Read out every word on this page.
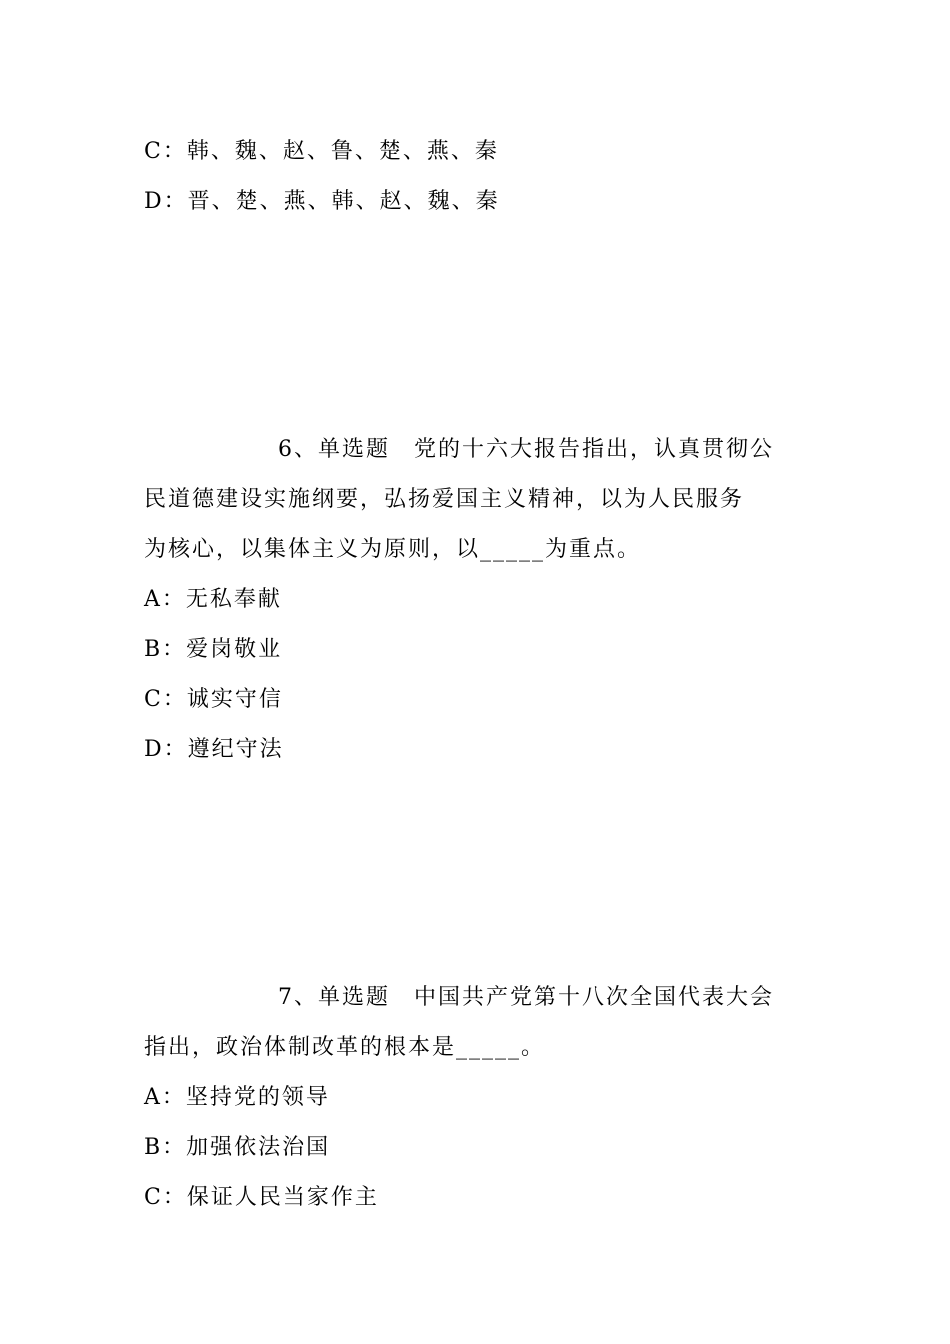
C：韩、魏、赵、鲁、楚、燕、秦
D：晋、楚、燕、韩、赵、魏、秦
6、单选题　党的十六大报告指出，认真贯彻公
民道德建设实施纲要，弘扬爱国主义精神，以为人民服务
为核心，以集体主义为原则，以_____为重点。
A：无私奉献
B：爱岗敬业
C：诚实守信
D：遵纪守法
7、单选题　中国共产党第十八次全国代表大会
指出，政治体制改革的根本是_____。
A：坚持党的领导
B：加强依法治国
C：保证人民当家作主
